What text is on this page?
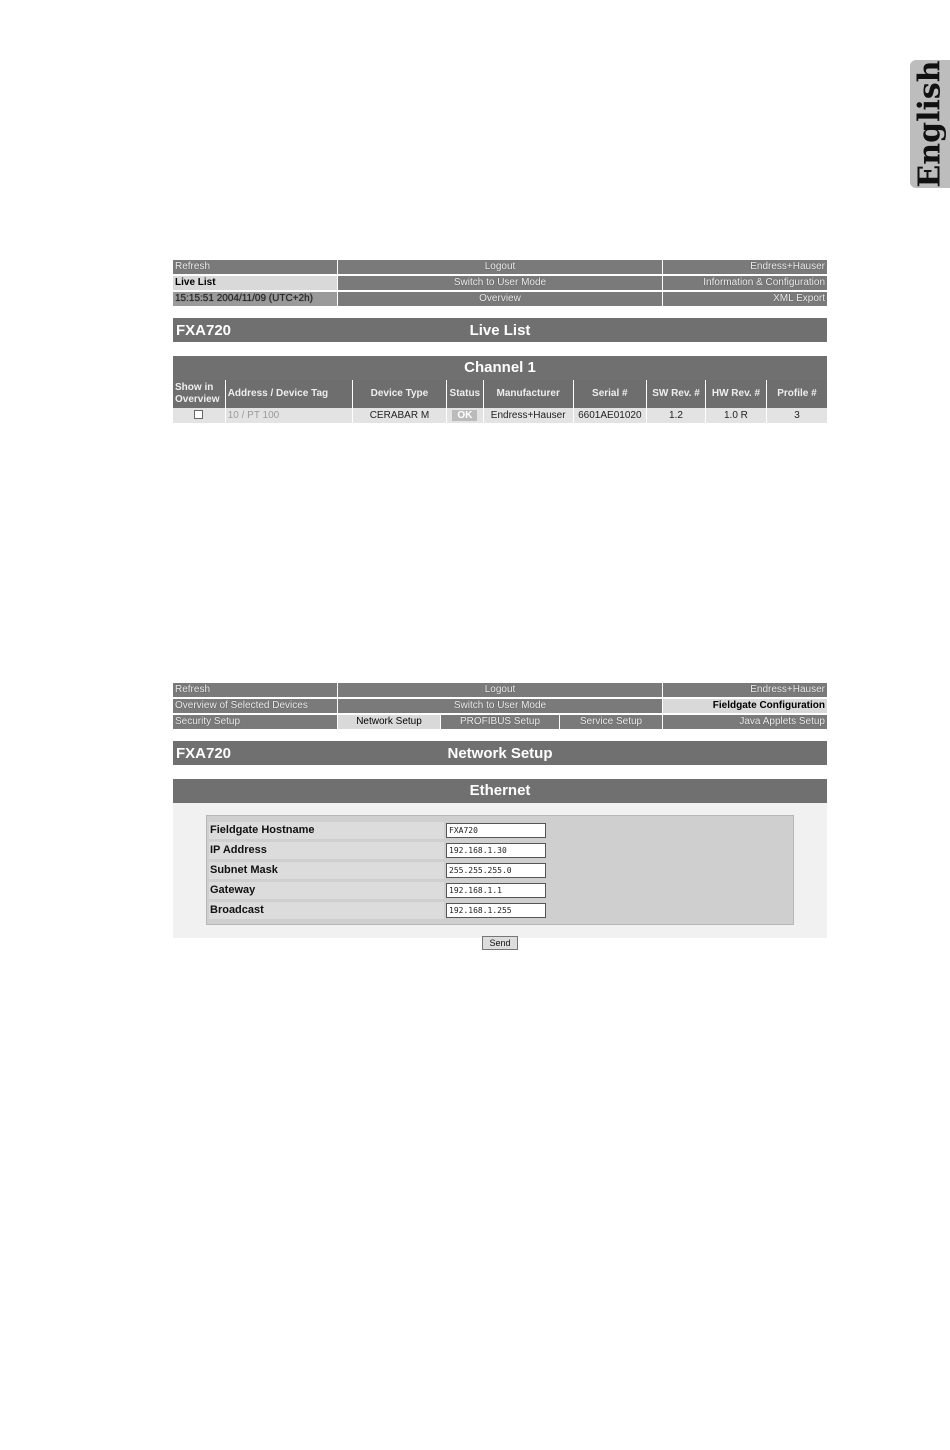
English
Refresh	Logout	Endress+Hauser
Live List	Switch to User Mode	Information & Configuration
15:15:51 2004/11/09 (UTC+2h)	Overview	XML Export
FXA720	Live List
Channel 1
Show in Overview	Address / Device Tag	Device Type	Status	Manufacturer	Serial #	SW Rev. #	HW Rev. #	Profile #
	10 / PT 100	CERABAR M	OK	Endress+Hauser	6601AE01020	1.2	1.0 R	3
Refresh	Logout	Endress+Hauser
Overview of Selected Devices	Switch to User Mode	Fieldgate Configuration
Security Setup	Network Setup	PROFIBUS Setup	Service Setup	Java Applets Setup
FXA720	Network Setup
Ethernet
Fieldgate Hostname	FXA720
IP Address	192.168.1.30
Subnet Mask	255.255.255.0
Gateway	192.168.1.1
Broadcast	192.168.1.255
Send
